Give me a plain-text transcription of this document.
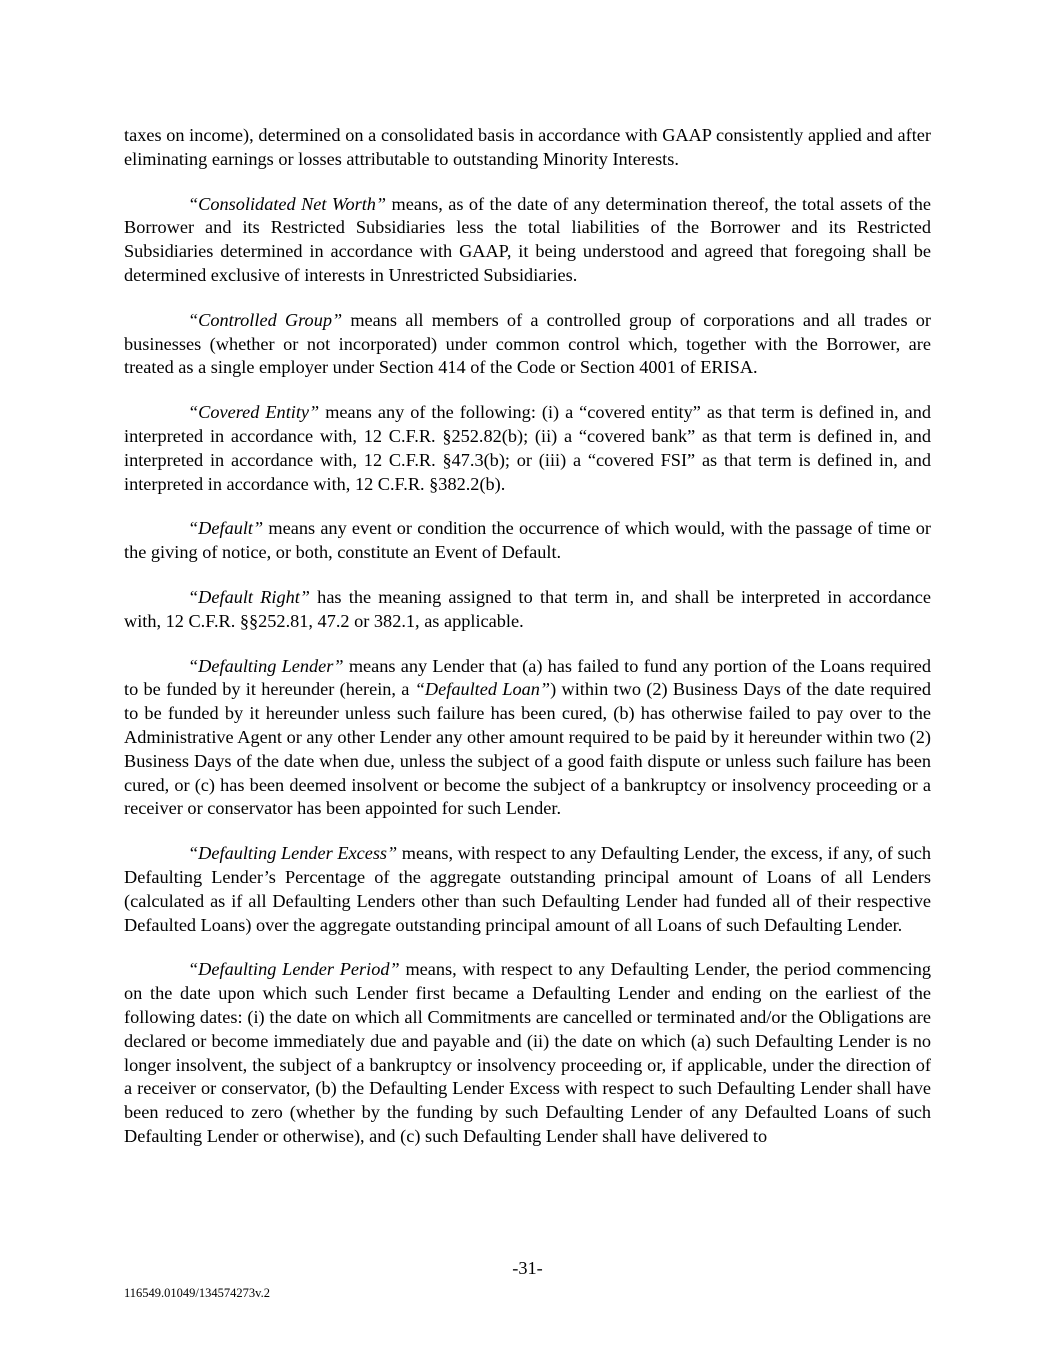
taxes on income), determined on a consolidated basis in accordance with GAAP consistently applied and after eliminating earnings or losses attributable to outstanding Minority Interests.

“Consolidated Net Worth” means, as of the date of any determination thereof, the total assets of the Borrower and its Restricted Subsidiaries less the total liabilities of the Borrower and its Restricted Subsidiaries determined in accordance with GAAP, it being understood and agreed that foregoing shall be determined exclusive of interests in Unrestricted Subsidiaries.

“Controlled Group” means all members of a controlled group of corporations and all trades or businesses (whether or not incorporated) under common control which, together with the Borrower, are treated as a single employer under Section 414 of the Code or Section 4001 of ERISA.

“Covered Entity” means any of the following: (i) a “covered entity” as that term is defined in, and interpreted in accordance with, 12 C.F.R. §252.82(b); (ii) a “covered bank” as that term is defined in, and interpreted in accordance with, 12 C.F.R. §47.3(b); or (iii) a “covered FSI” as that term is defined in, and interpreted in accordance with, 12 C.F.R. §382.2(b).

“Default” means any event or condition the occurrence of which would, with the passage of time or the giving of notice, or both, constitute an Event of Default.

“Default Right” has the meaning assigned to that term in, and shall be interpreted in accordance with, 12 C.F.R. §§252.81, 47.2 or 382.1, as applicable.

“Defaulting Lender” means any Lender that (a) has failed to fund any portion of the Loans required to be funded by it hereunder (herein, a “Defaulted Loan”) within two (2) Business Days of the date required to be funded by it hereunder unless such failure has been cured, (b) has otherwise failed to pay over to the Administrative Agent or any other Lender any other amount required to be paid by it hereunder within two (2) Business Days of the date when due, unless the subject of a good faith dispute or unless such failure has been cured, or (c) has been deemed insolvent or become the subject of a bankruptcy or insolvency proceeding or a receiver or conservator has been appointed for such Lender.

“Defaulting Lender Excess” means, with respect to any Defaulting Lender, the excess, if any, of such Defaulting Lender’s Percentage of the aggregate outstanding principal amount of Loans of all Lenders (calculated as if all Defaulting Lenders other than such Defaulting Lender had funded all of their respective Defaulted Loans) over the aggregate outstanding principal amount of all Loans of such Defaulting Lender.

“Defaulting Lender Period” means, with respect to any Defaulting Lender, the period commencing on the date upon which such Lender first became a Defaulting Lender and ending on the earliest of the following dates: (i) the date on which all Commitments are cancelled or terminated and/or the Obligations are declared or become immediately due and payable and (ii) the date on which (a) such Defaulting Lender is no longer insolvent, the subject of a bankruptcy or insolvency proceeding or, if applicable, under the direction of a receiver or conservator, (b) the Defaulting Lender Excess with respect to such Defaulting Lender shall have been reduced to zero (whether by the funding by such Defaulting Lender of any Defaulted Loans of such Defaulting Lender or otherwise), and (c) such Defaulting Lender shall have delivered to

-31-
116549.01049/134574273v.2
